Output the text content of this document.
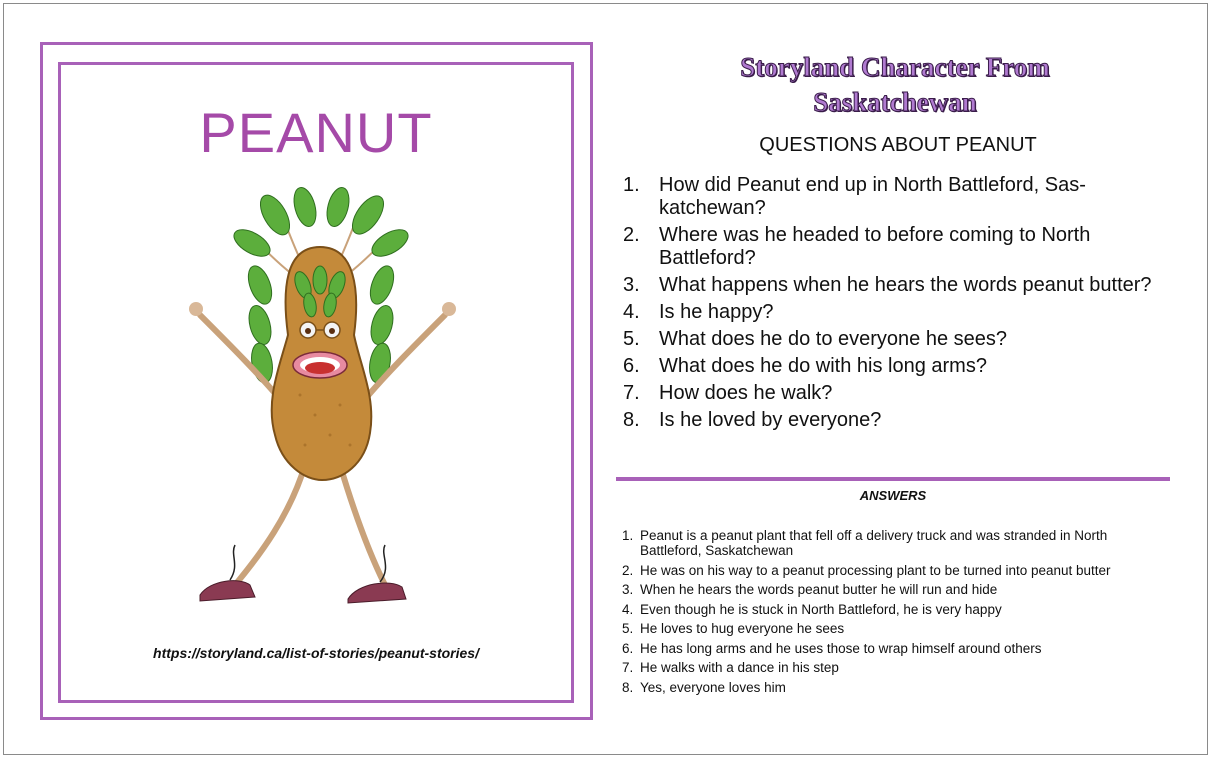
PEANUT
https://storyland.ca/list-of-stories/peanut-stories/
Storyland Character From
Saskatchewan
QUESTIONS ABOUT PEANUT
1. How did Peanut end up in North Battleford, Sas-katchewan?
2. Where was he headed to before coming to North Battleford?
3. What happens when he hears the words peanut butter?
4. Is he happy?
5. What does he do to everyone he sees?
6. What does he do with his long arms?
7. How does he walk?
8. Is he loved by everyone?
ANSWERS
1. Peanut is a peanut plant that fell off a delivery truck and was stranded in North Battleford, Saskatchewan
2. He was on his way to a peanut processing plant to be turned into peanut butter
3. When he hears the words peanut butter he will run and hide
4. Even though he is stuck in North Battleford, he is very happy
5. He loves to hug everyone he sees
6. He has long arms and he uses those to wrap himself around others
7. He walks with a dance in his step
8. Yes, everyone loves him
